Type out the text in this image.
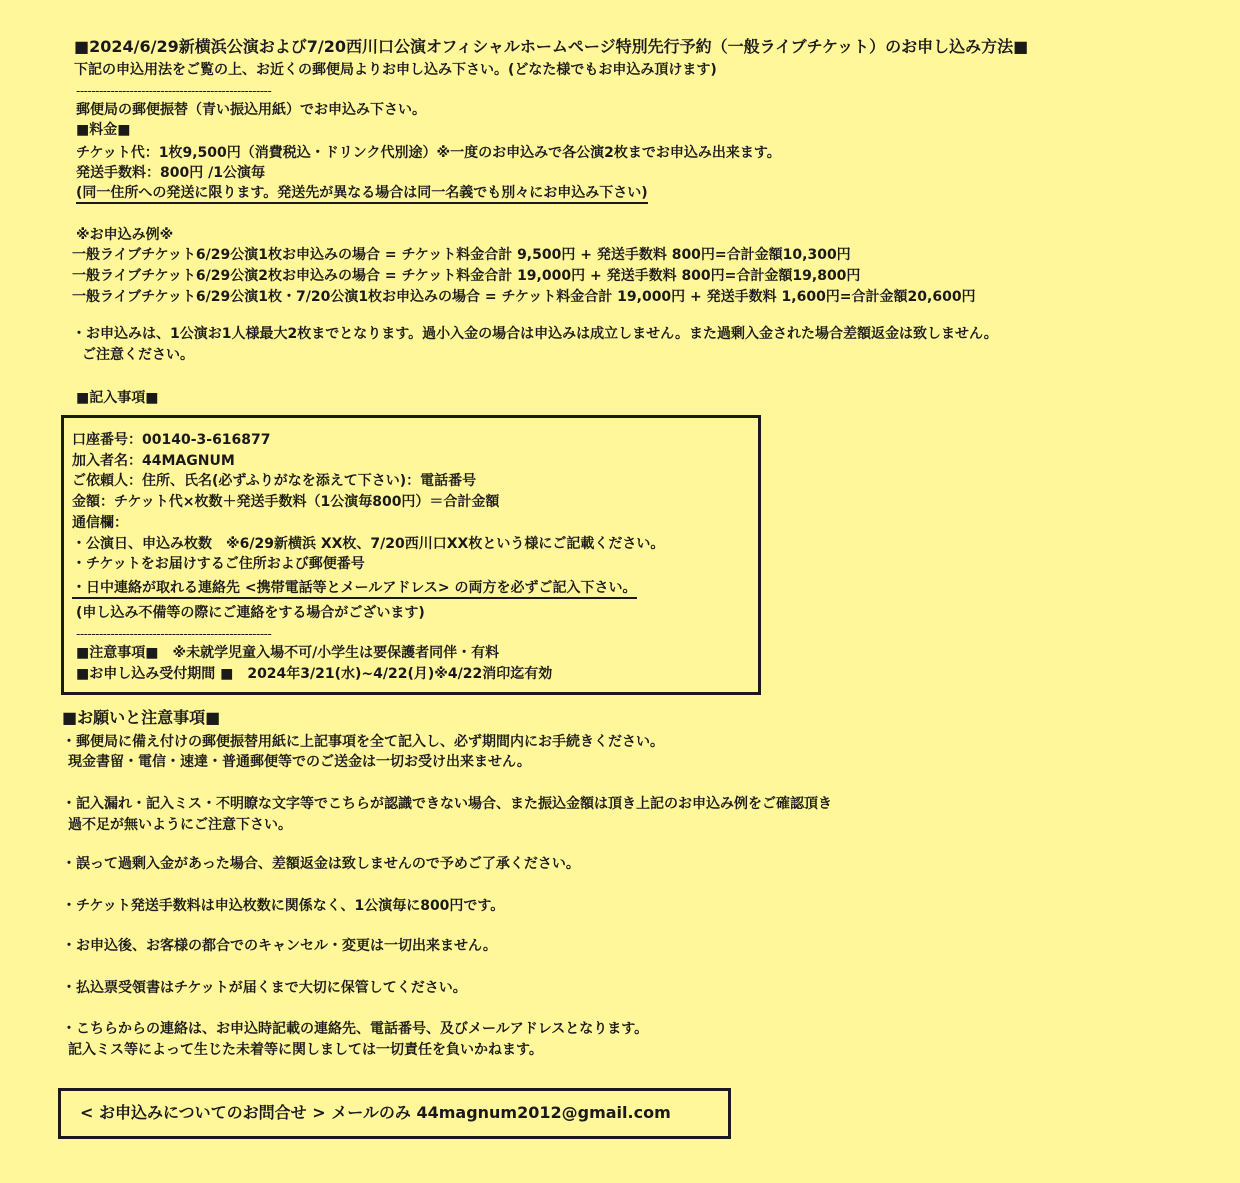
■2024/6/29新横浜公演および7/20西川口公演オフィシャルホームページ特別先行予約（一般ライブチケット）のお申し込み方法■
下記の申込用法をご覧の上、お近くの郵便局よりお申し込み下さい。(どなた様でもお申込み頂けます)
---------------------------------------------------
郵便局の郵便振替（青い振込用紙）でお申込み下さい。
■料金■
チケット代：1枚9,500円（消費税込・ドリンク代別途）※一度のお申込みで各公演2枚までお申込み出来ます。
発送手数料：800円 /1公演毎
(同一住所への発送に限ります。発送先が異なる場合は同一名義でも別々にお申込み下さい)
※お申込み例※
一般ライブチケット6/29公演1枚お申込みの場合 = チケット料金合計 9,500円 + 発送手数料 800円=合計金額10,300円
一般ライブチケット6/29公演2枚お申込みの場合 = チケット料金合計 19,000円 + 発送手数料 800円=合計金額19,800円
一般ライブチケット6/29公演1枚・7/20公演1枚お申込みの場合 = チケット料金合計 19,000円 + 発送手数料 1,600円=合計金額20,600円
・お申込みは、1公演お1人様最大2枚までとなります。過小入金の場合は申込みは成立しません。また過剰入金された場合差額返金は致しません。
ご注意ください。
■記入事項■
口座番号：00140-3-616877
加入者名：44MAGNUM
ご依頼人：住所、氏名(必ずふりがなを添えて下さい)：電話番号
金額：チケット代×枚数＋発送手数料（1公演毎800円）＝合計金額
通信欄：
・公演日、申込み枚数　※6/29新横浜 XX枚、7/20西川口XX枚という様にご記載ください。
・チケットをお届けするご住所および郵便番号
・日中連絡が取れる連絡先 <携帯電話等とメールアドレス> の両方を必ずご記入下さい。
(申し込み不備等の際にご連絡をする場合がございます)
---------------------------------------------------
■注意事項■　※未就学児童入場不可/小学生は要保護者同伴・有料
■お申し込み受付期間 ■　2024年3/21(水)~4/22(月)※4/22消印迄有効
■お願いと注意事項■
・郵便局に備え付けの郵便振替用紙に上記事項を全て記入し、必ず期間内にお手続きください。
現金書留・電信・速達・普通郵便等でのご送金は一切お受け出来ません。
・記入漏れ・記入ミス・不明瞭な文字等でこちらが認識できない場合、また振込金額は頂き上記のお申込み例をご確認頂き
過不足が無いようにご注意下さい。
・誤って過剰入金があった場合、差額返金は致しませんので予めご了承ください。
・チケット発送手数料は申込枚数に関係なく、1公演毎に800円です。
・お申込後、お客様の都合でのキャンセル・変更は一切出来ません。
・払込票受領書はチケットが届くまで大切に保管してください。
・こちらからの連絡は、お申込時記載の連絡先、電話番号、及びメールアドレスとなります。
記入ミス等によって生じた未着等に関しましては一切責任を負いかねます。
< お申込みについてのお問合せ > メールのみ 44magnum2012@gmail.com
